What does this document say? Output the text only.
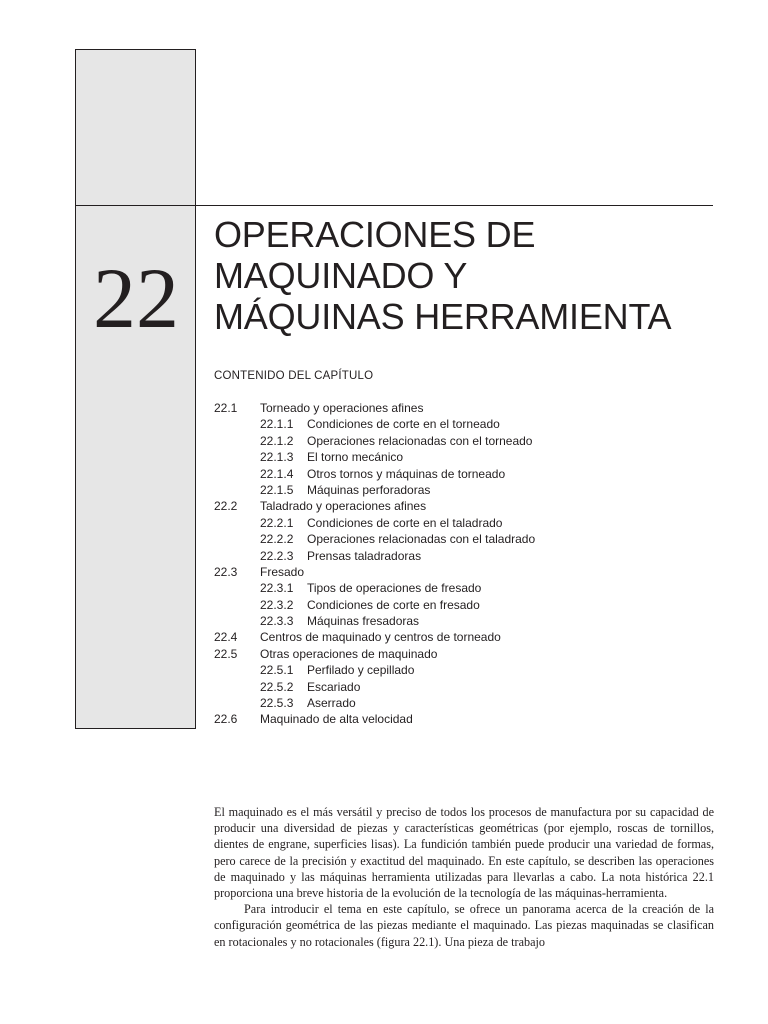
22
OPERACIONES DE
MAQUINADO Y
MÁQUINAS HERRAMIENTA
CONTENIDO DEL CAPÍTULO
22.1 Torneado y operaciones afines
22.1.1 Condiciones de corte en el torneado
22.1.2 Operaciones relacionadas con el torneado
22.1.3 El torno mecánico
22.1.4 Otros tornos y máquinas de torneado
22.1.5 Máquinas perforadoras
22.2 Taladrado y operaciones afines
22.2.1 Condiciones de corte en el taladrado
22.2.2 Operaciones relacionadas con el taladrado
22.2.3 Prensas taladradoras
22.3 Fresado
22.3.1 Tipos de operaciones de fresado
22.3.2 Condiciones de corte en fresado
22.3.3 Máquinas fresadoras
22.4 Centros de maquinado y centros de torneado
22.5 Otras operaciones de maquinado
22.5.1 Perfilado y cepillado
22.5.2 Escariado
22.5.3 Aserrado
22.6 Maquinado de alta velocidad

El maquinado es el más versátil y preciso de todos los procesos de manufactura por su capacidad de producir una diversidad de piezas y características geométricas (por ejemplo, roscas de tornillos, dientes de engrane, superficies lisas). La fundición también puede producir una variedad de formas, pero carece de la precisión y exactitud del maquinado. En este capítulo, se describen las operaciones de maquinado y las máquinas herramienta utilizadas para llevarlas a cabo. La nota histórica 22.1 proporciona una breve historia de la evolución de la tecnología de las máquinas-herramienta.

Para introducir el tema en este capítulo, se ofrece un panorama acerca de la creación de la configuración geométrica de las piezas mediante el maquinado. Las piezas maquinadas se clasifican en rotacionales y no rotacionales (figura 22.1). Una pieza de trabajo
